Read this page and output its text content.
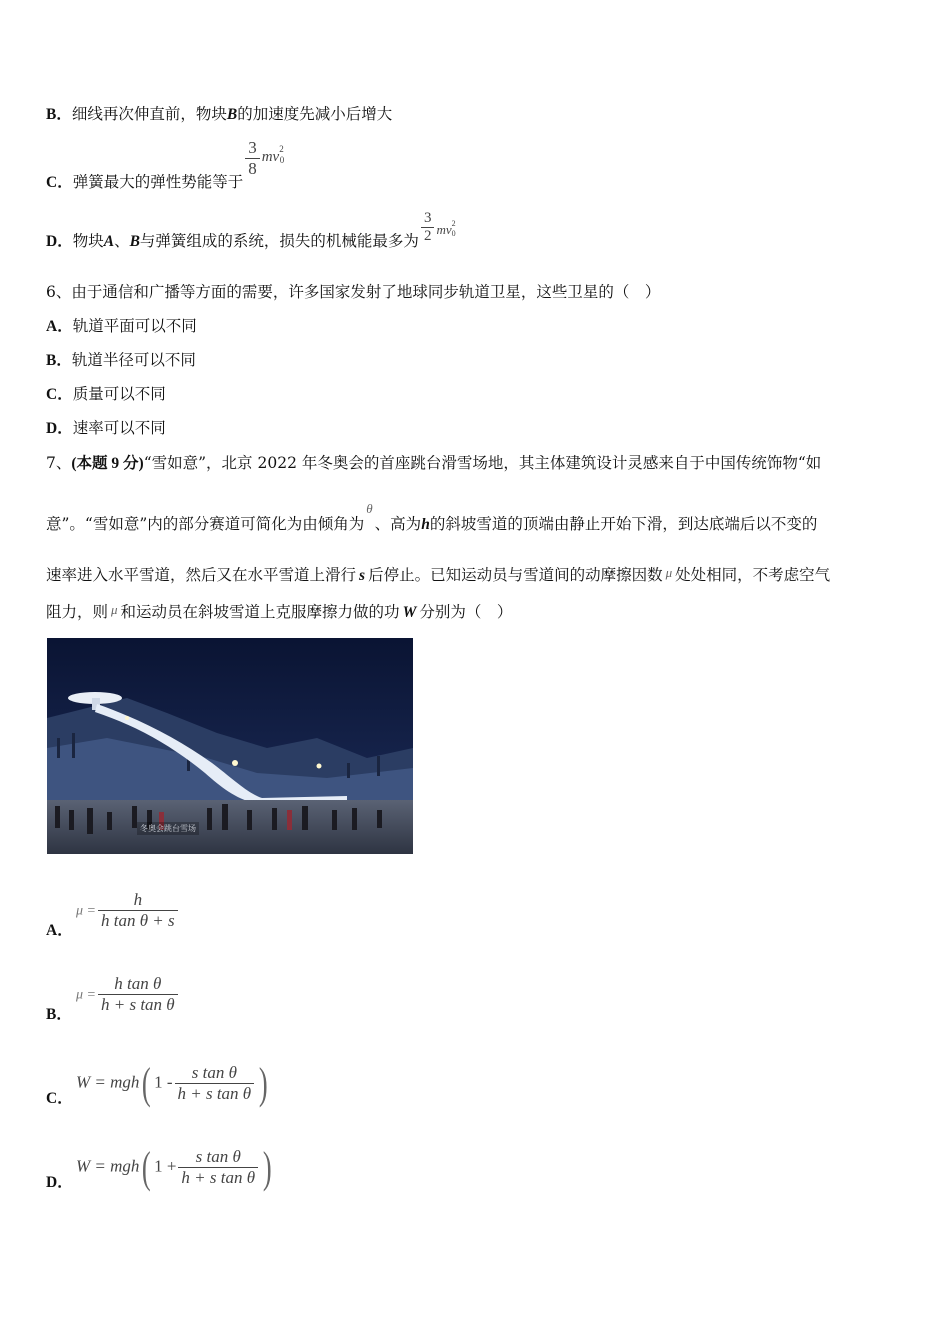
B．细线再次伸直前，物块B的加速度先减小后增大
C．弹簧最大的弹性势能等于
$\frac{3}{8} mv^{20}$
D．物块A、B与弹簧组成的系统，损失的机械能最多为 $\frac{3}{2} ^{mv20}$
6、由于通信和广播等方面的需要，许多国家发射了地球同步轨道卫星，这些卫星的（　）
A．轨道平面可以不同
B．轨道半径可以不同
C．质量可以不同
D．速率可以不同
7、(本题 9 分)“雪如意”，北京 2022 年冬奥会的首座跳台滑雪场地，其主体建筑设计灵感来自于中国传统饰物“如
意”。“雪如意”内的部分赛道可简化为由倾角为$^\theta$、高为h的斜坡雪道的顶端由静止开始下滑，到达底端后以不变的
速率进入水平雪道，然后又在水平雪道上滑行 s 后停止。已知运动员与雪道间的动摩擦因数 μ 处处相同，不考虑空气
阻力，则 μ 和运动员在斜坡雪道上克服摩擦力做的功 W 分别为（　）
冬奥会跳台雪场
A．
$\mu = \frac{h}{\text{h tan θ + s}}$
B．
$\mu = \frac{\text{h tan θ}}{\text{h + s tan θ}}$
C．
W = mgh( $1 - \frac{\text{s tan θ}}{\text{h + s tan θ}}$ )
D．
W = mgh( $1 + \frac{\text{s tan θ}}{\text{h + s tan θ}}$ )
